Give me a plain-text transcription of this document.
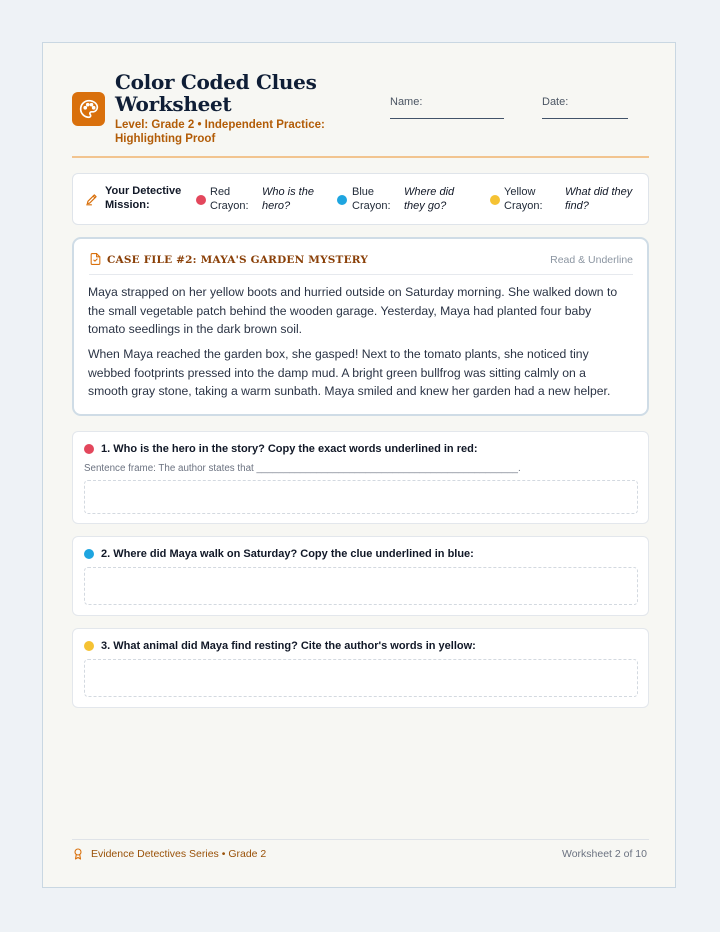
Color Coded Clues Worksheet
Level: Grade 2 • Independent Practice: Highlighting Proof
Name:	Date:
Your Detective Mission:
Red Crayon:
Who is the hero?
Blue Crayon:
Where did they go?
Yellow Crayon:
What did they find?
CASE FILE #2: MAYA'S GARDEN MYSTERY	Read & Underline
Maya strapped on her yellow boots and hurried outside on Saturday morning. She walked down to the small vegetable patch behind the wooden garage. Yesterday, Maya had planted four baby tomato seedlings in the dark brown soil.
When Maya reached the garden box, she gasped! Next to the tomato plants, she noticed tiny webbed footprints pressed into the damp mud. A bright green bullfrog was sitting calmly on a smooth gray stone, taking a warm sunbath. Maya smiled and knew her garden had a new helper.
1. Who is the hero in the story? Copy the exact words underlined in red:
Sentence frame: The author states that ________________________________________________.
2. Where did Maya walk on Saturday? Copy the clue underlined in blue:
3. What animal did Maya find resting? Cite the author's words in yellow:
Evidence Detectives Series • Grade 2	Worksheet 2 of 10
